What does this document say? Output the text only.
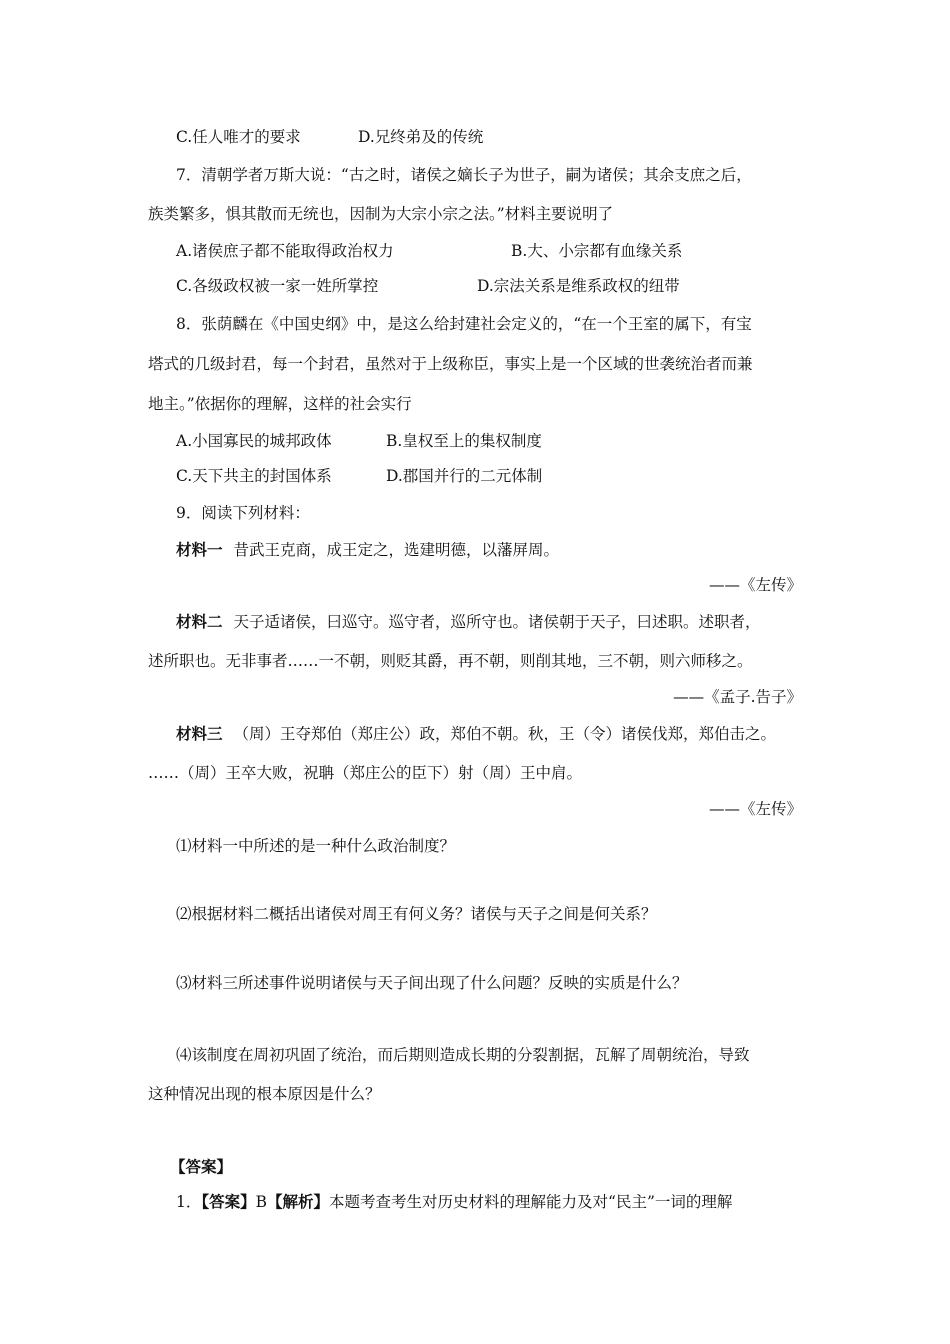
C.任人唯才的要求	D.兄终弟及的传统
7．清朝学者万斯大说：“古之时，诸侯之嫡长子为世子，嗣为诸侯；其余支庶之后，
族类繁多，惧其散而无统也，因制为大宗小宗之法。”材料主要说明了
A.诸侯庶子都不能取得政治权力	B.大、小宗都有血缘关系
C.各级政权被一家一姓所掌控	D.宗法关系是维系政权的纽带
8．张荫麟在《中国史纲》中，是这么给封建社会定义的，“在一个王室的属下，有宝
塔式的几级封君，每一个封君，虽然对于上级称臣，事实上是一个区域的世袭统治者而兼
地主。”依据你的理解，这样的社会实行
A.小国寡民的城邦政体	B.皇权至上的集权制度
C.天下共主的封国体系	D.郡国并行的二元体制
9．阅读下列材料：
材料一 昔武王克商，成王定之，选建明德，以藩屏周。
——《左传》
材料二 天子适诸侯，曰巡守。巡守者，巡所守也。诸侯朝于天子，曰述职。述职者，
述所职也。无非事者……一不朝，则贬其爵，再不朝，则削其地，三不朝，则六师移之。
——《孟子.告子》
材料三 （周）王夺郑伯（郑庄公）政，郑伯不朝。秋，王（令）诸侯伐郑，郑伯击之。
……（周）王卒大败，祝聃（郑庄公的臣下）射（周）王中肩。
——《左传》
⑴材料一中所述的是一种什么政治制度？
⑵根据材料二概括出诸侯对周王有何义务？诸侯与天子之间是何关系？
⑶材料三所述事件说明诸侯与天子间出现了什么问题？反映的实质是什么？
⑷该制度在周初巩固了统治，而后期则造成长期的分裂割据，瓦解了周朝统治，导致
这种情况出现的根本原因是什么？
【答案】
1．【答案】B【解析】本题考查考生对历史材料的理解能力及对“民主”一词的理解
